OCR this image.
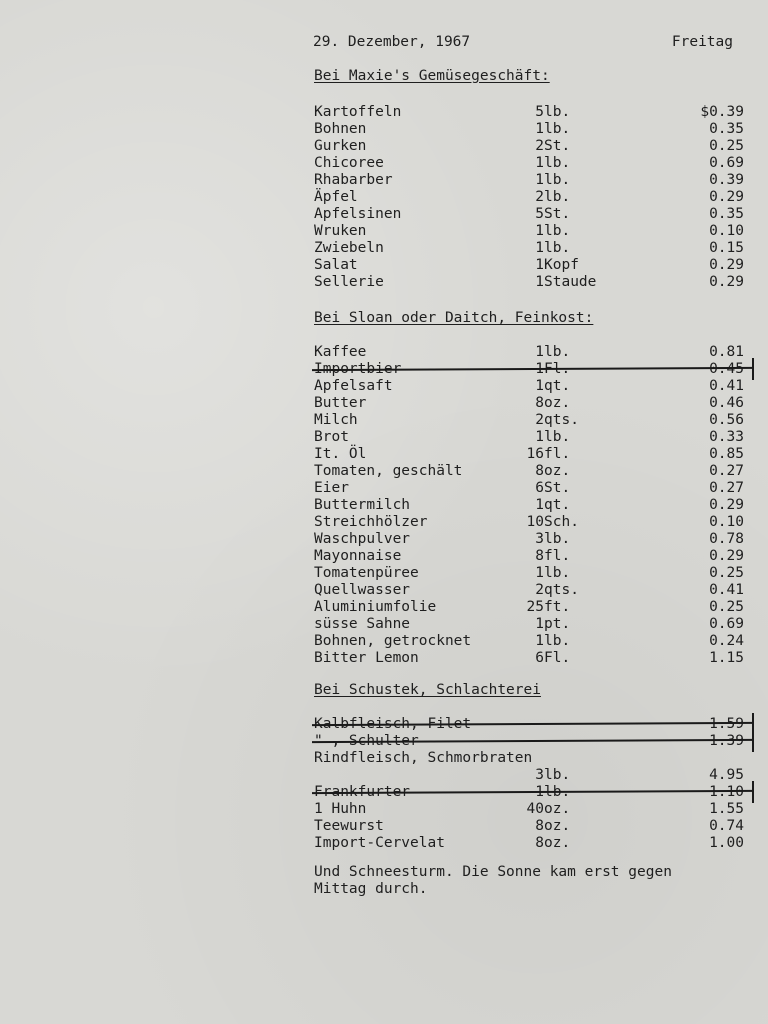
29. Dezember, 1967	Freitag
Bei Maxie's Gemüsegeschäft:
Kartoffeln	5 lb.	$0.39
Bohnen	1 lb.	0.35
Gurken	2 St.	0.25
Chicoree	1 lb.	0.69
Rhabarber	1 lb.	0.39
Äpfel	2 lb.	0.29
Apfelsinen	5 St.	0.35
Wruken	1 lb.	0.10
Zwiebeln	1 lb.	0.15
Salat	1 Kopf	0.29
Sellerie	1 Staude	0.29
Bei Sloan oder Daitch, Feinkost:
Kaffee	1 lb.	0.81
Importbier	1 Fl.	0.45
Apfelsaft	1 qt.	0.41
Butter	8 oz.	0.46
Milch	2 qts.	0.56
Brot	1 lb.	0.33
It. Öl	16 fl.	0.85
Tomaten, geschält	8 oz.	0.27
Eier	6 St.	0.27
Buttermilch	1 qt.	0.29
Streichhölzer	10 Sch.	0.10
Waschpulver	3 lb.	0.78
Mayonnaise	8 fl.	0.29
Tomatenpüree	1 lb.	0.25
Quellwasser	2 qts.	0.41
Aluminiumfolie	25 ft.	0.25
süsse Sahne	1 pt.	0.69
Bohnen, getrocknet	1 lb.	0.24
Bitter Lemon	6 Fl.	1.15
Bei Schustek, Schlachterei
Kalbfleisch, Filet	1.59
" , Schulter	1.39
Rindfleisch, Schmorbraten
3 lb.	4.95
Frankfurter	1 lb.	1.10
1 Huhn	40 oz.	1.55
Teewurst	8 oz.	0.74
Import-Cervelat	8 oz.	1.00
Und Schneesturm. Die Sonne kam erst gegen
Mittag durch.
